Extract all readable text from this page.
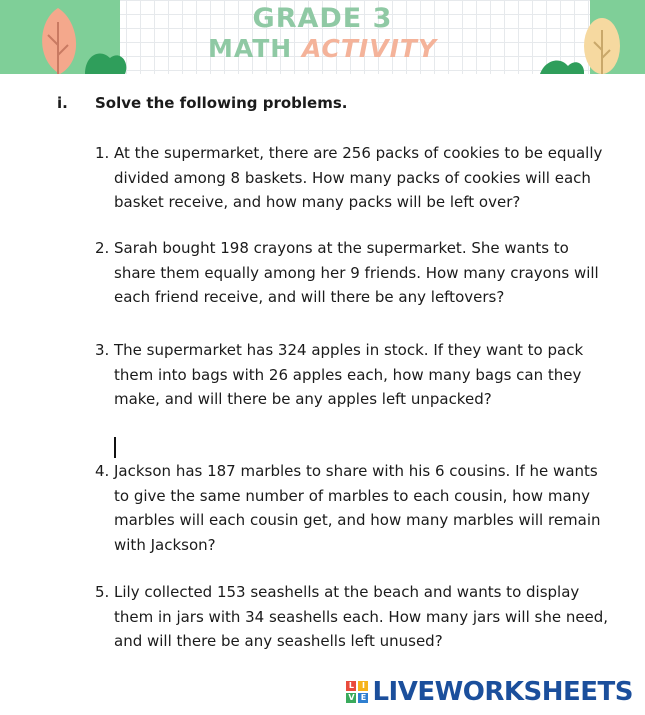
GRADE 3
MATH ACTIVITY
i. Solve the following problems.
1. At the supermarket, there are 256 packs of cookies to be equally divided among 8 baskets. How many packs of cookies will each basket receive, and how many packs will be left over?
2. Sarah bought 198 crayons at the supermarket. She wants to share them equally among her 9 friends. How many crayons will each friend receive, and will there be any leftovers?
3. The supermarket has 324 apples in stock. If they want to pack them into bags with 26 apples each, how many bags can they make, and will there be any apples left unpacked?
4. Jackson has 187 marbles to share with his 6 cousins. If he wants to give the same number of marbles to each cousin, how many marbles will each cousin get, and how many marbles will remain with Jackson?
5. Lily collected 153 seashells at the beach and wants to display them in jars with 34 seashells each. How many jars will she need, and will there be any seashells left unused?
L I
V E LIVEWORKSHEETS
